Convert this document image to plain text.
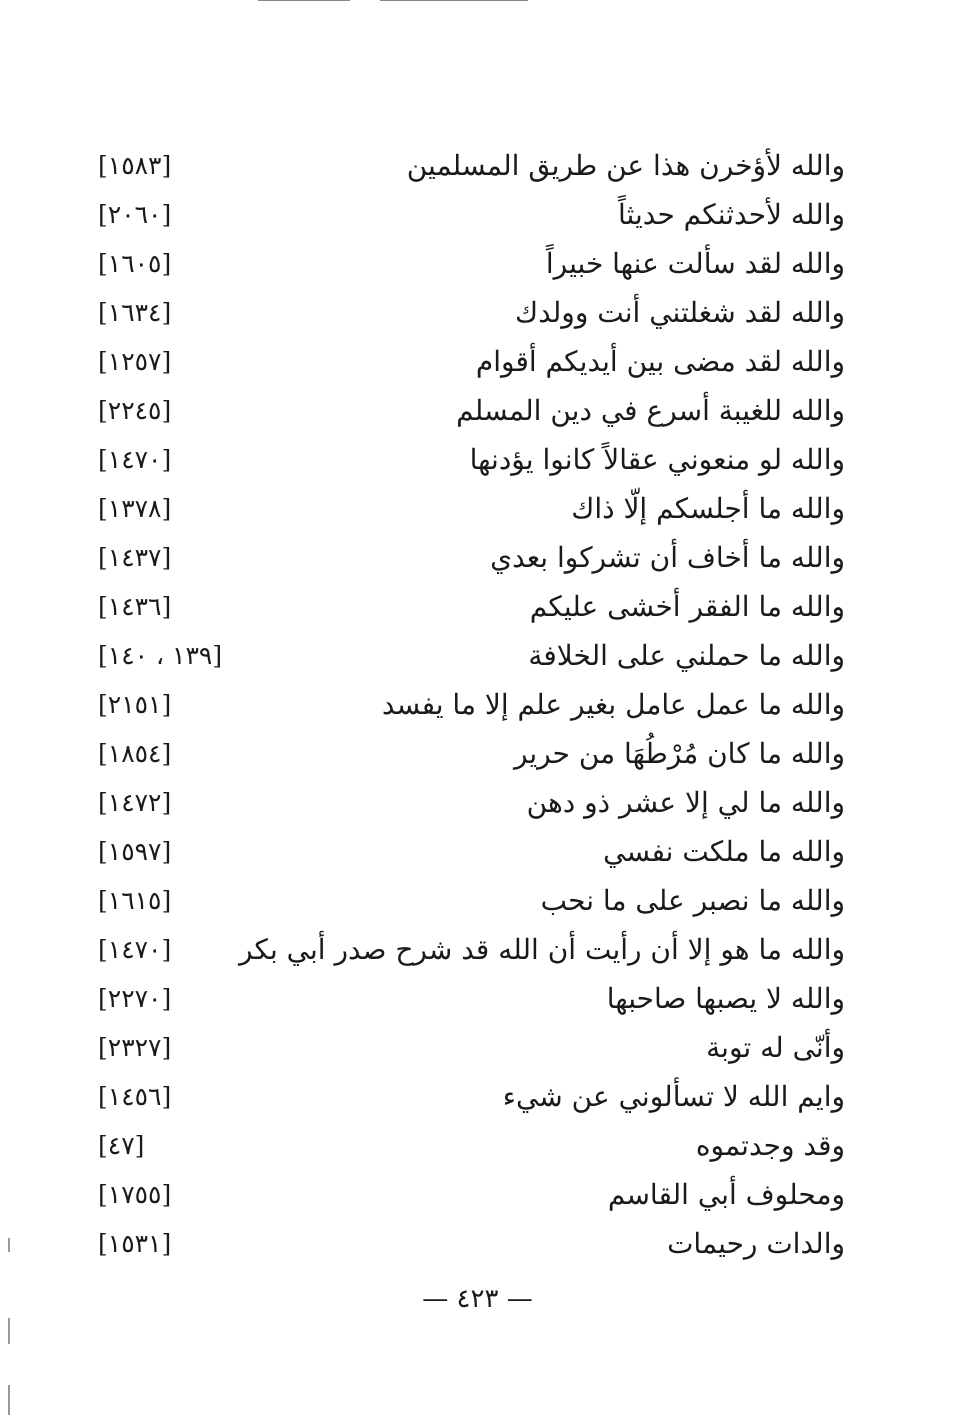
والله لأؤخرن هذا عن طريق المسلمين
[١٥٨٣]
والله لأحدثنكم حديثاً
[٢٠٦٠]
والله لقد سألت عنها خبيراً
[١٦٠٥]
والله لقد شغلتني أنت وولدك
[١٦٣٤]
والله لقد مضى بين أيديكم أقوام
[١٢٥٧]
والله للغيبة أسرع في دين المسلم
[٢٢٤٥]
والله لو منعوني عقالاً كانوا يؤدنها
[١٤٧٠]
والله ما أجلسكم إلّا ذاك
[١٣٧٨]
والله ما أخاف أن تشركوا بعدي
[١٤٣٧]
والله ما الفقر أخشى عليكم
[١٤٣٦]
والله ما حملني على الخلافة
[١٣٩ ، ١٤٠]
والله ما عمل عامل بغير علم إلا ما يفسد
[٢١٥١]
والله ما كان مُرْطُهَا من حرير
[١٨٥٤]
والله ما لي إلا عشر ذو دهن
[١٤٧٢]
والله ما ملكت نفسي
[١٥٩٧]
والله ما نصبر على ما نحب
[١٦١٥]
والله ما هو إلا أن رأيت أن الله قد شرح صدر أبي بكر
[١٤٧٠]
والله لا يصبها صاحبها
[٢٢٧٠]
وأنّى له توبة
[٢٣٢٧]
وايم الله لا تسألوني عن شيء
[١٤٥٦]
وقد وجدتموه
[٤٧]
ومحلوف أبي القاسم
[١٧٥٥]
والدات رحيمات
[١٥٣١]
— ٤٢٣ —
